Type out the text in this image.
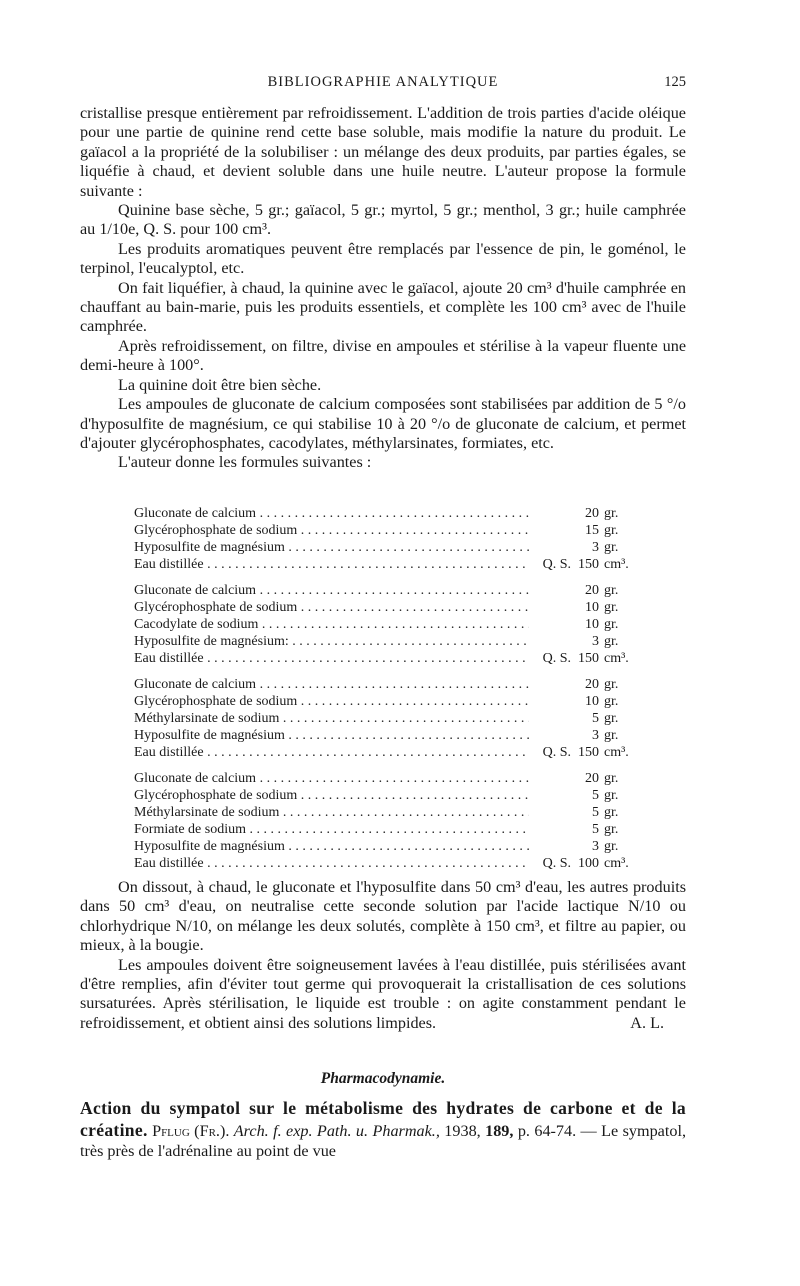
BIBLIOGRAPHIE ANALYTIQUE	125

cristallise presque entièrement par refroidissement. L'addition de trois parties d'acide oléique pour une partie de quinine rend cette base soluble, mais modifie la nature du produit. Le gaïacol a la propriété de la solubiliser : un mélange des deux produits, par parties égales, se liquéfie à chaud, et devient soluble dans une huile neutre. L'auteur propose la formule suivante :

Quinine base sèche, 5 gr.; gaïacol, 5 gr.; myrtol, 5 gr.; menthol, 3 gr.; huile camphrée au 1/10e, Q. S. pour 100 cm³.

Les produits aromatiques peuvent être remplacés par l'essence de pin, le goménol, le terpinol, l'eucalyptol, etc.

On fait liquéfier, à chaud, la quinine avec le gaïacol, ajoute 20 cm³ d'huile camphrée en chauffant au bain-marie, puis les produits essentiels, et complète les 100 cm³ avec de l'huile camphrée.

Après refroidissement, on filtre, divise en ampoules et stérilise à la vapeur fluente une demi-heure à 100°.

La quinine doit être bien sèche.

Les ampoules de gluconate de calcium composées sont stabilisées par addition de 5 °/o d'hyposulfite de magnésium, ce qui stabilise 10 à 20 °/o de gluconate de calcium, et permet d'ajouter glycérophosphates, cacodylates, méthylarsinates, formiates, etc.

L'auteur donne les formules suivantes :

Gluconate de calcium . . .	20 gr.
Glycérophosphate de sodium . . .	15 gr.
Hyposulfite de magnésium . . .	3 gr.
Eau distillée . . .	Q. S. 150 cm³.
Gluconate de calcium . . .	20 gr.
Glycérophosphate de sodium . . .	10 gr.
Cacodylate de sodium . . .	10 gr.
Hyposulfite de magnésium: . . .	3 gr.
Eau distillée . . .	Q. S. 150 cm³.
Gluconate de calcium . . .	20 gr.
Glycérophosphate de sodium . . .	10 gr.
Méthylarsinate de sodium . . .	5 gr.
Hyposulfite de magnésium . . .	3 gr.
Eau distillée . . .	Q. S. 150 cm³.
Gluconate de calcium . . .	20 gr.
Glycérophosphate de sodium . . .	5 gr.
Méthylarsinate de sodium . . .	5 gr.
Formiate de sodium . . .	5 gr.
Hyposulfite de magnésium . . .	3 gr.
Eau distillée . . .	Q. S. 100 cm³.

On dissout, à chaud, le gluconate et l'hyposulfite dans 50 cm³ d'eau, les autres produits dans 50 cm³ d'eau, on neutralise cette seconde solution par l'acide lactique N/10 ou chlorhydrique N/10, on mélange les deux solutés, complète à 150 cm³, et filtre au papier, ou mieux, à la bougie.

Les ampoules doivent être soigneusement lavées à l'eau distillée, puis stérilisées avant d'être remplies, afin d'éviter tout germe qui provoquerait la cristallisation de ces solutions sursaturées. Après stérilisation, le liquide est trouble : on agite constamment pendant le refroidissement, et obtient ainsi des solutions limpides.	A. L.

Pharmacodynamie.
Action du sympatol sur le métabolisme des hydrates de carbone et de la créatine. Pflug (Fr.). Arch. f. exp. Path. u. Pharmak., 1938, 189, p. 64-74. — Le sympatol, très près de l'adrénaline au point de vue
